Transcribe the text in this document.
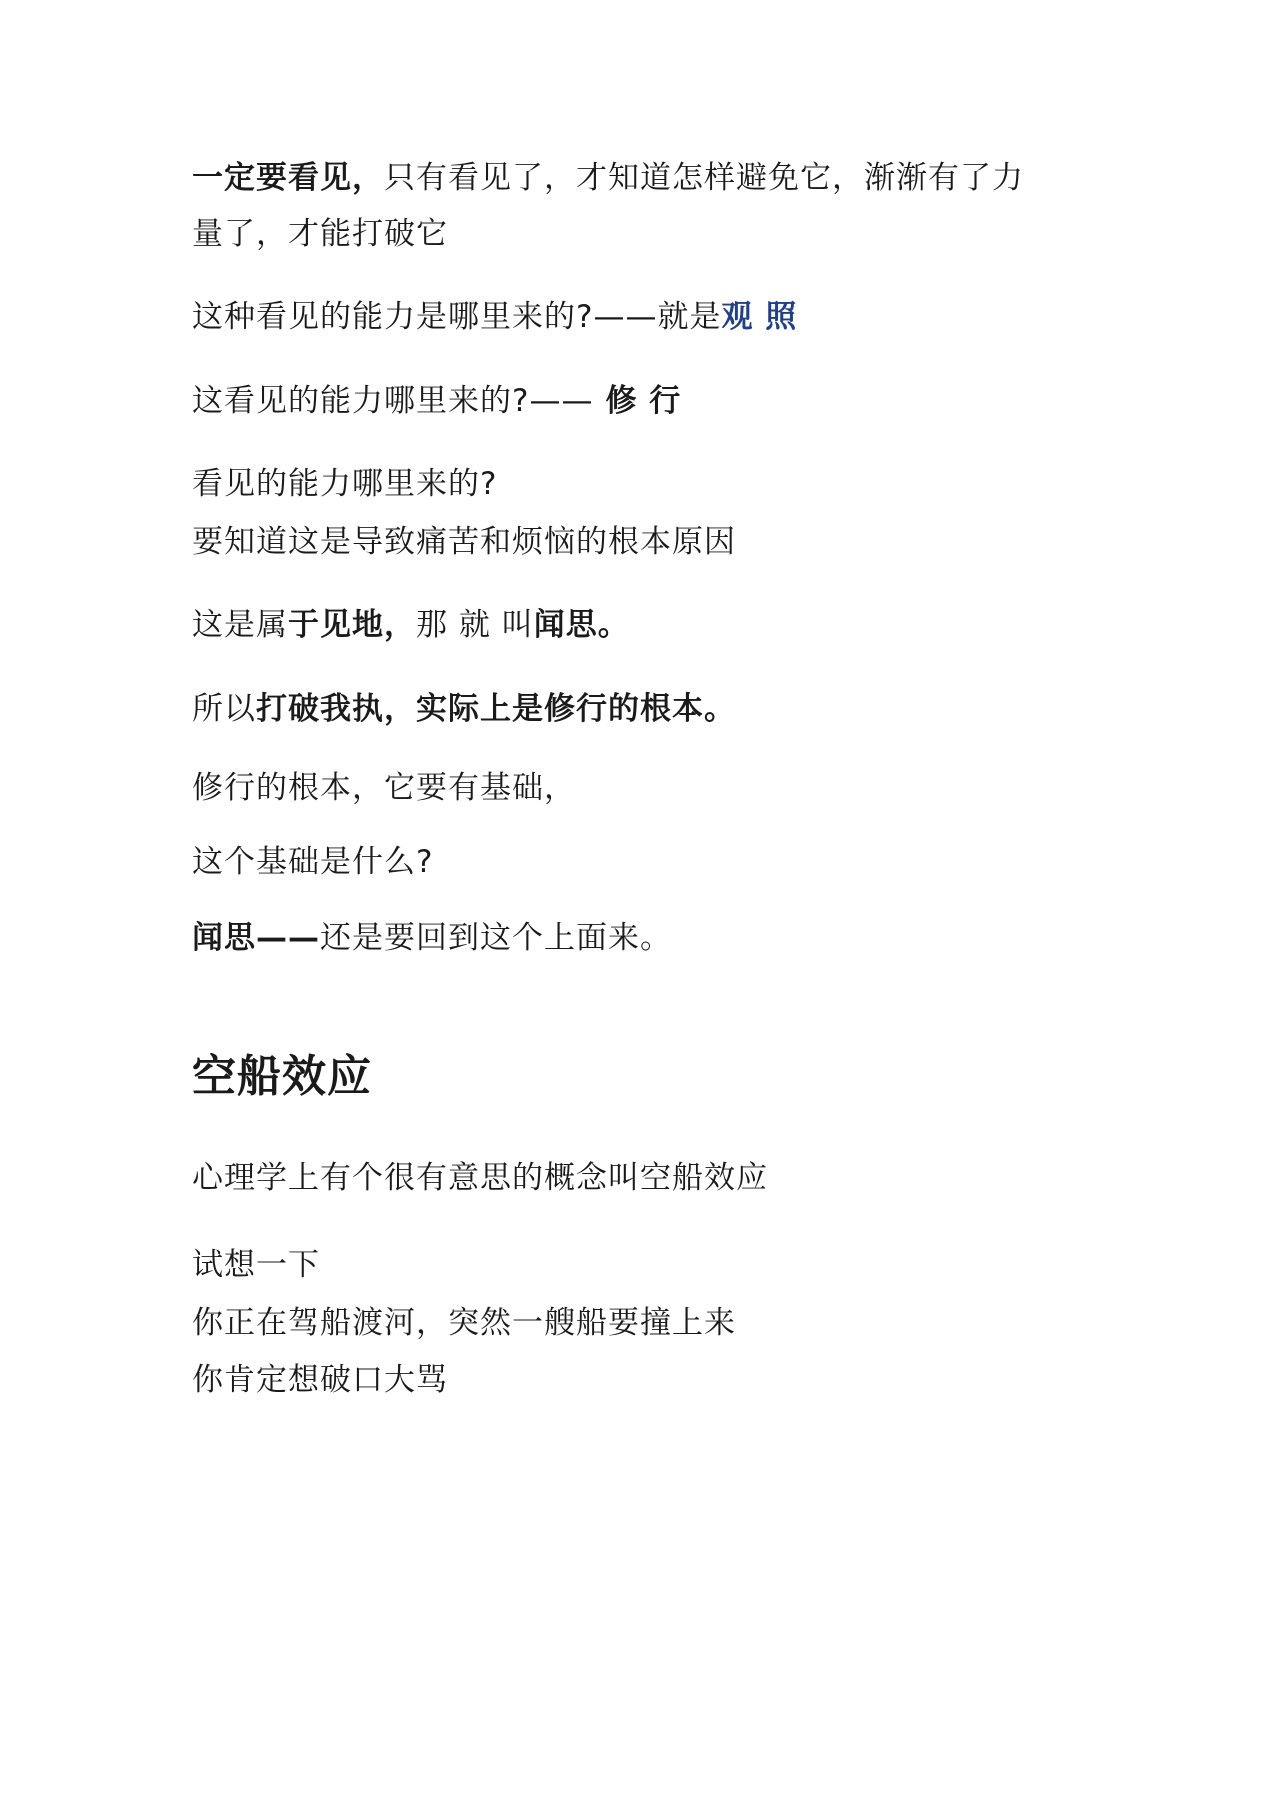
一定要看见，只有看见了，才知道怎样避免它，渐渐有了力
量了，才能打破它
这种看见的能力是哪里来的?——就是观 照
这看见的能力哪里来的?—— 修 行
看见的能力哪里来的?
要知道这是导致痛苦和烦恼的根本原因
这是属于见地，那 就 叫闻思。
所以打破我执，实际上是修行的根本。
修行的根本，它要有基础，
这个基础是什么?
闻思——还是要回到这个上面来。
空船效应
心理学上有个很有意思的概念叫空船效应
试想一下
你正在驾船渡河，突然一艘船要撞上来
你肯定想破口大骂
